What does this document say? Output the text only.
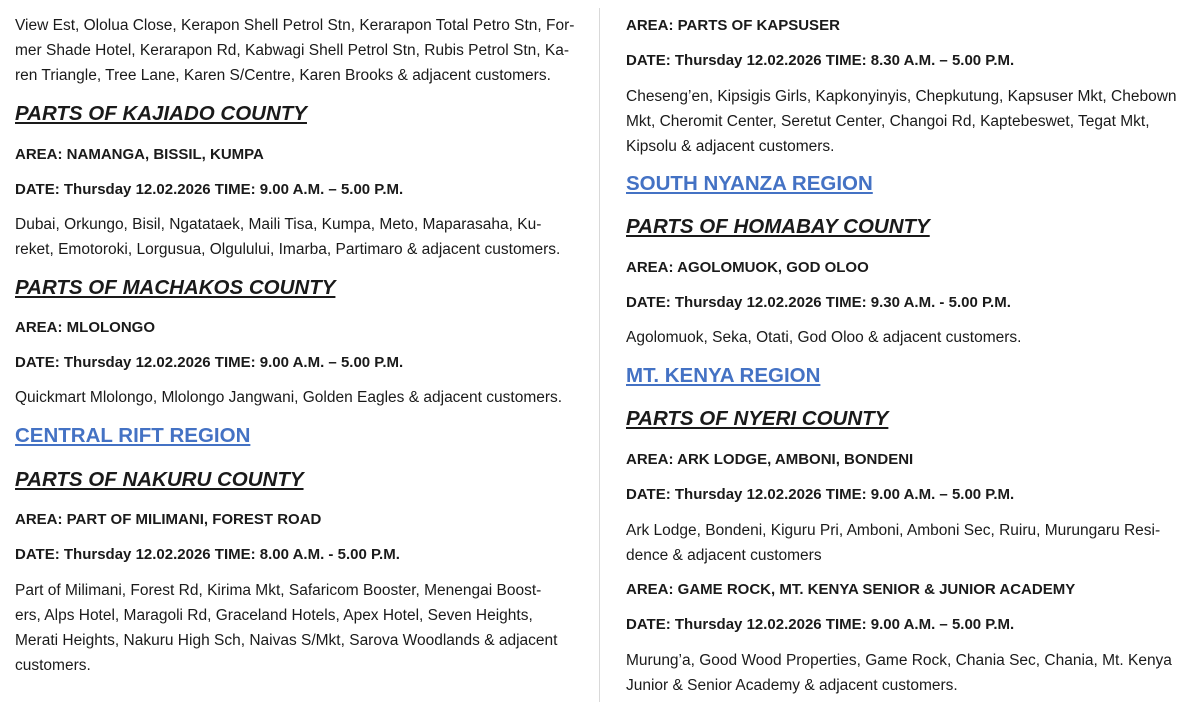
View Est, Ololua Close, Kerapon Shell Petrol Stn, Kerarapon Total Petro Stn, For-
mer Shade Hotel, Kerarapon Rd, Kabwagi Shell Petrol Stn, Rubis Petrol Stn, Ka-
ren Triangle, Tree Lane, Karen S/Centre, Karen Brooks & adjacent customers.

PARTS OF KAJIADO COUNTY

AREA: NAMANGA, BISSIL, KUMPA

DATE: Thursday 12.02.2026 TIME: 9.00 A.M. – 5.00 P.M.

Dubai, Orkungo, Bisil, Ngatataek, Maili Tisa, Kumpa, Meto, Maparasaha, Ku-
reket, Emotoroki, Lorgusua, Olgulului, Imarba, Partimaro & adjacent customers.

PARTS OF MACHAKOS COUNTY

AREA: MLOLONGO

DATE: Thursday 12.02.2026 TIME: 9.00 A.M. – 5.00 P.M.

Quickmart Mlolongo, Mlolongo Jangwani, Golden Eagles & adjacent customers.

CENTRAL RIFT REGION
PARTS OF NAKURU COUNTY

AREA: PART OF MILIMANI, FOREST ROAD

DATE: Thursday 12.02.2026 TIME: 8.00 A.M. - 5.00 P.M.

Part of Milimani, Forest Rd, Kirima Mkt, Safaricom Booster, Menengai Boost-
ers, Alps Hotel, Maragoli Rd, Graceland Hotels, Apex Hotel, Seven Heights,
Merati Heights, Nakuru High Sch, Naivas S/Mkt, Sarova Woodlands & adjacent
customers.

AREA: PARTS OF KAPSUSER

DATE: Thursday 12.02.2026 TIME: 8.30 A.M. – 5.00 P.M.

Cheseng’en, Kipsigis Girls, Kapkonyinyis, Chepkutung, Kapsuser Mkt, Chebown
Mkt, Cheromit Center, Seretut Center, Changoi Rd, Kaptebeswet, Tegat Mkt,
Kipsolu & adjacent customers.

SOUTH NYANZA REGION
PARTS OF HOMABAY COUNTY

AREA: AGOLOMUOK, GOD OLOO

DATE: Thursday 12.02.2026 TIME: 9.30 A.M. - 5.00 P.M.

Agolomuok, Seka, Otati, God Oloo & adjacent customers.

MT. KENYA REGION
PARTS OF NYERI COUNTY

AREA: ARK LODGE, AMBONI, BONDENI

DATE: Thursday 12.02.2026 TIME: 9.00 A.M. – 5.00 P.M.

Ark Lodge, Bondeni, Kiguru Pri, Amboni, Amboni Sec, Ruiru, Murungaru Resi-
dence & adjacent customers

AREA: GAME ROCK, MT. KENYA SENIOR & JUNIOR ACADEMY

DATE: Thursday 12.02.2026 TIME: 9.00 A.M. – 5.00 P.M.

Murung’a, Good Wood Properties, Game Rock, Chania Sec, Chania, Mt. Kenya
Junior & Senior Academy & adjacent customers.
